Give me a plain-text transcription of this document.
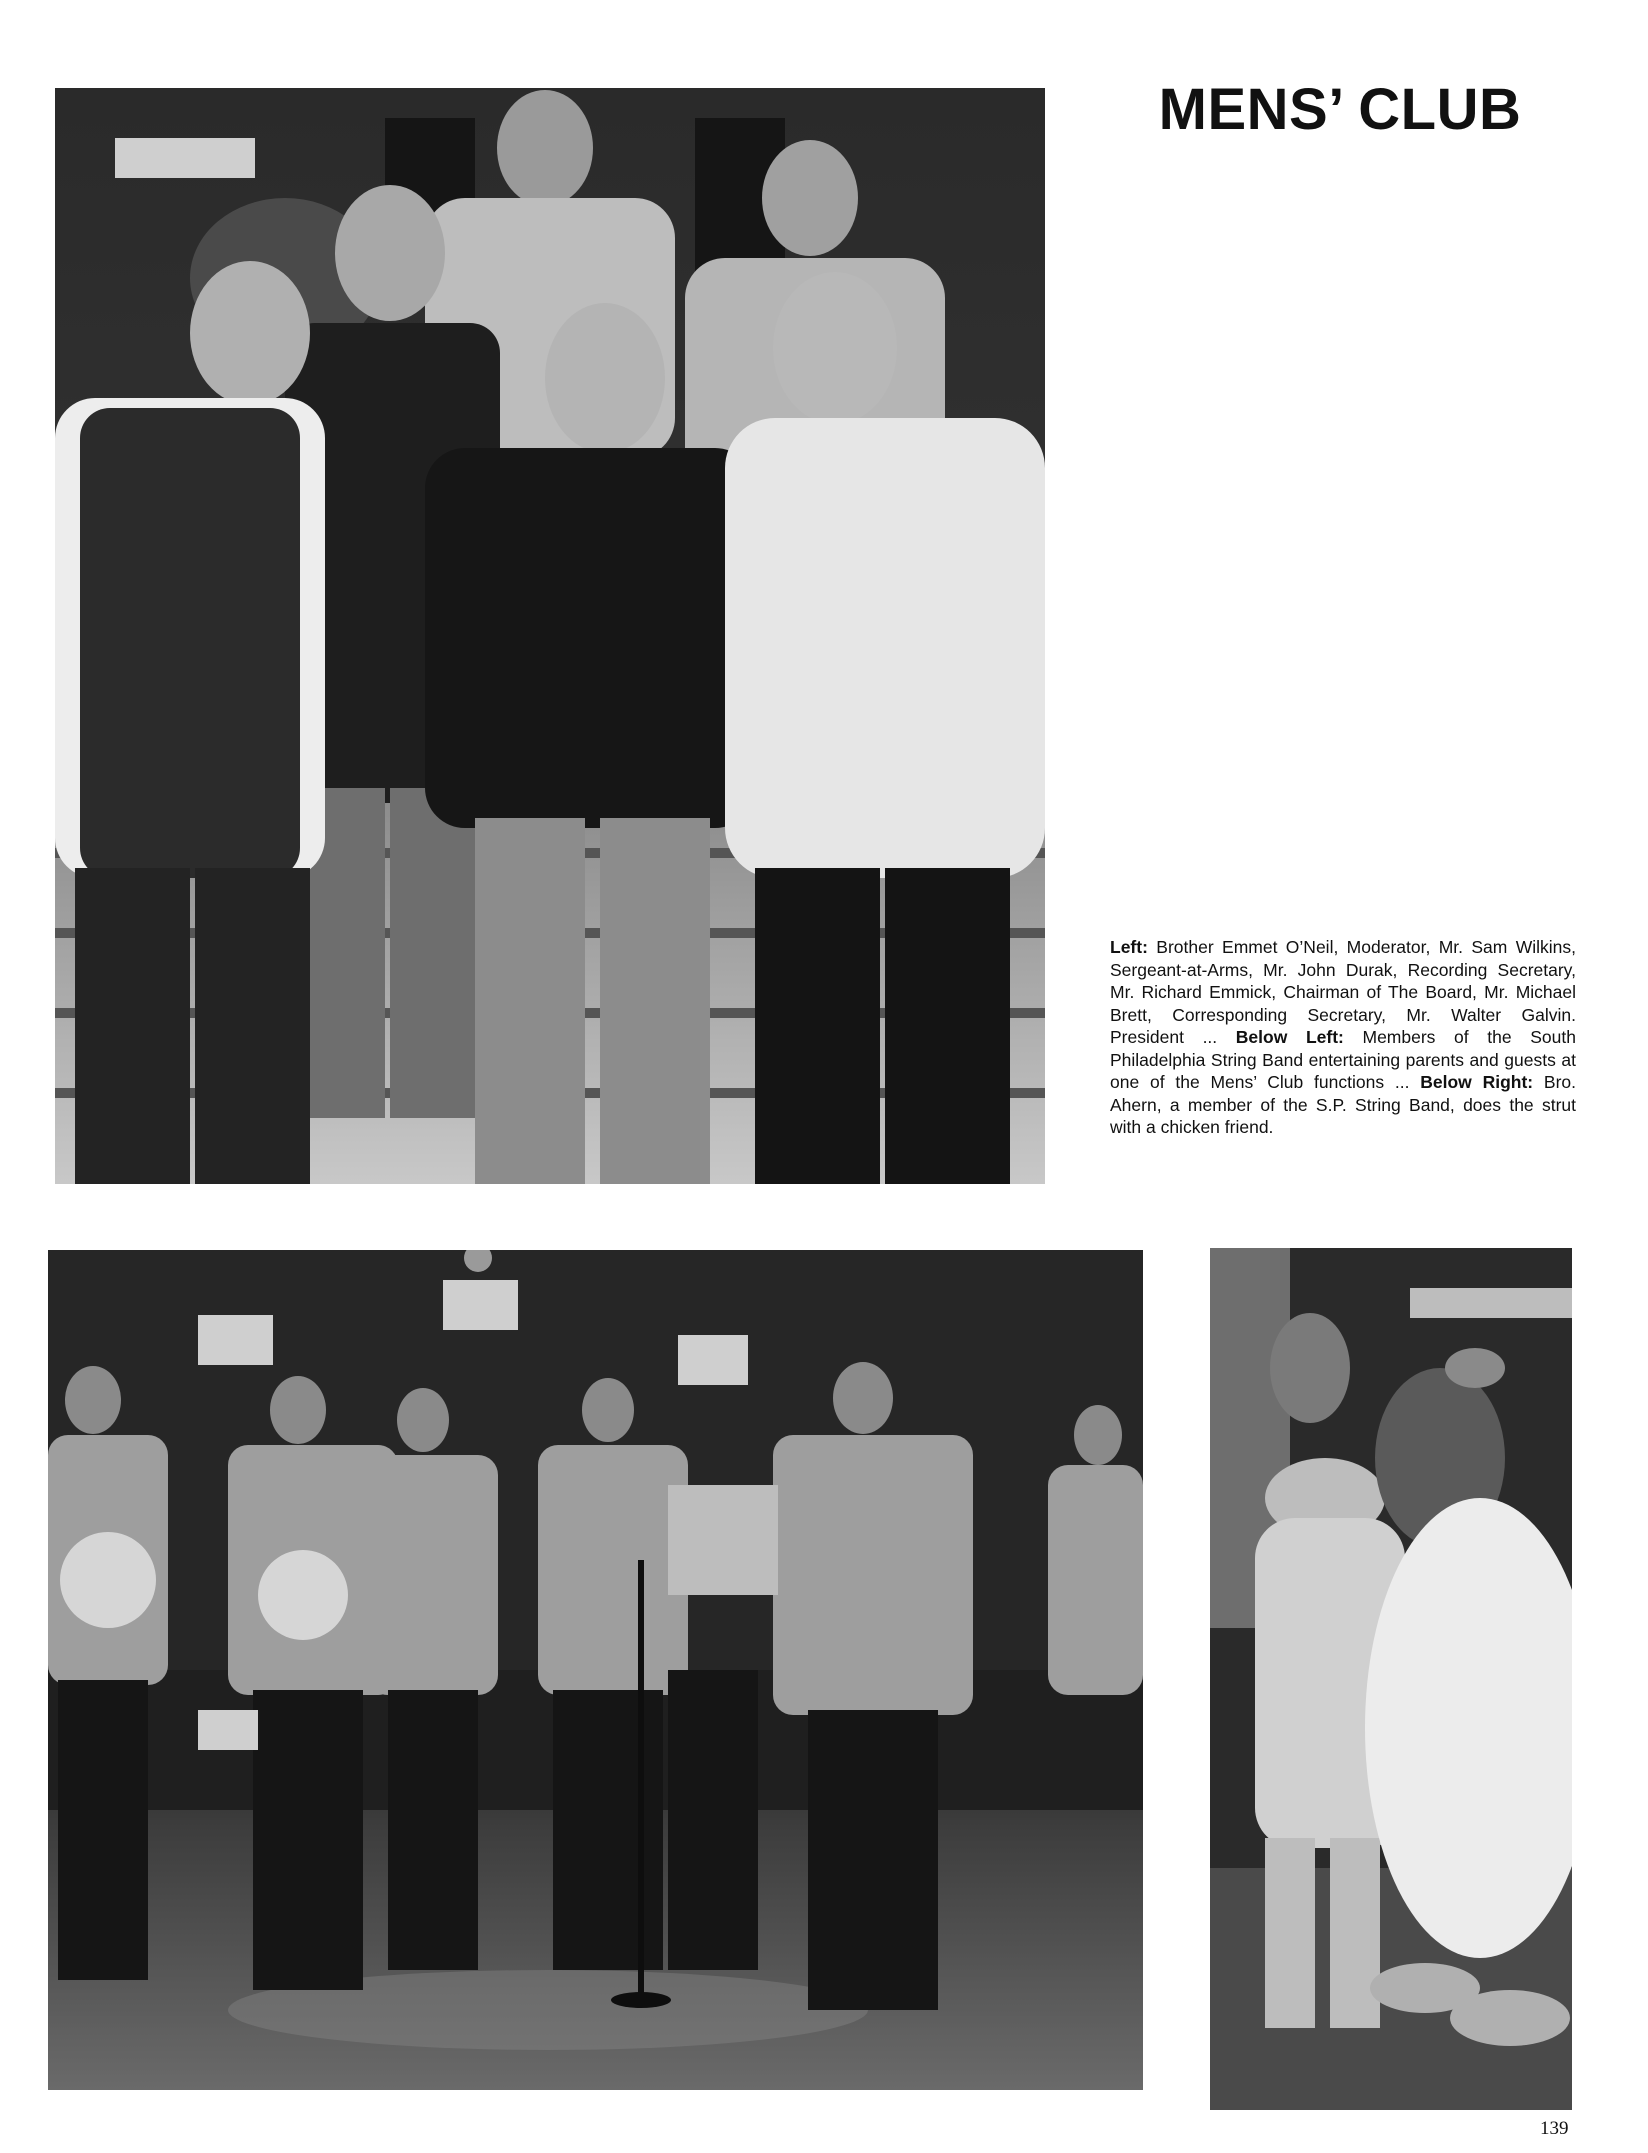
MENS’ CLUB

Left: Brother Emmet O’Neil, Moderator, Mr. Sam Wilkins, Sergeant-at-Arms, Mr. John Durak, Recording Secretary, Mr. Richard Emmick, Chairman of The Board, Mr. Michael Brett, Corresponding Secretary, Mr. Walter Galvin. President ... Below Left: Members of the South Philadelphia String Band entertaining parents and guests at one of the Mens’ Club functions ... Below Right: Bro. Ahern, a member of the S.P. String Band, does the strut with a chicken friend.

139
